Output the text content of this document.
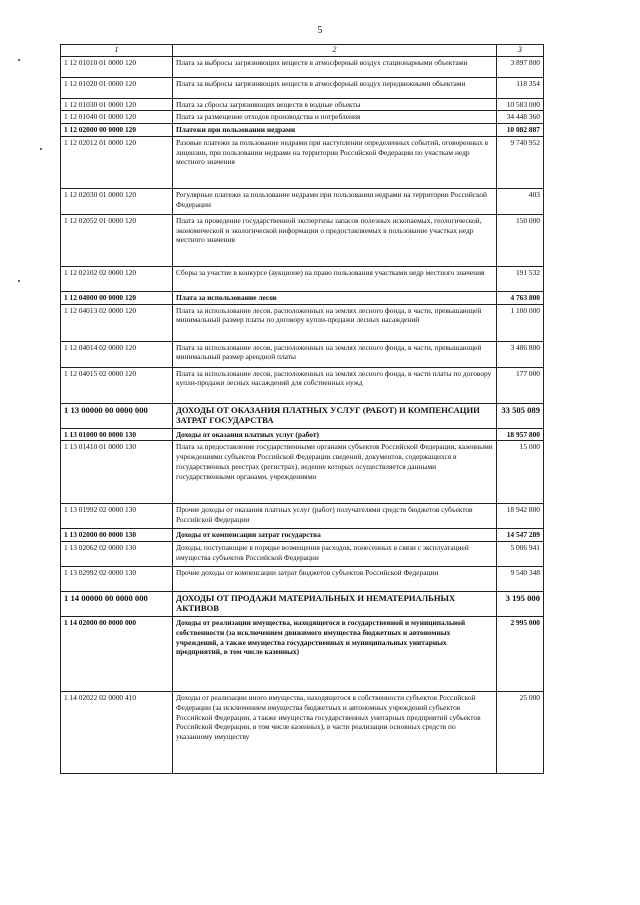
5
1	2	3
1 12 01010 01 0000 120	Плата за выбросы загрязняющих веществ в атмосферный воздух стационарными объектами	3 897 800
1 12 01020 01 0000 120	Плата за выбросы загрязняющих веществ в атмосферный воздух передвижными объектами	118 354
1 12 01030 01 0000 120	Плата за сбросы загрязняющих веществ в водные объекты	10 583 000
1 12 01040 01 0000 120	Плата за размещение отходов производства и потребления	34 448 360
1 12 02000 00 0000 120	Платежи при пользовании недрами	10 082 887
1 12 02012 01 0000 120	Разовые платежи за пользование недрами при наступлении определенных событий, оговоренных в лицензии, при пользовании недрами на территории Российской Федерации по участкам недр местного значения	9 740 952
1 12 02030 01 0000 120	Регулярные платежи за пользование недрами при пользовании недрами на территории Российской Федерации	403
1 12 02052 01 0000 120	Плата за проведение государственной экспертизы запасов полезных ископаемых, геологической, экономической и экологической информации о предоставляемых в пользование участках недр местного значения	150 000
1 12 02102 02 0000 120	Сборы за участие в конкурсе (аукционе) на право пользования участками недр местного значения	191 532
1 12 04000 00 0000 120	Плата за использование лесов	4 763 800
1 12 04013 02 0000 120	Плата за использование лесов, расположенных на землях лесного фонда, в части, превышающей минимальный размер платы по договору купли-продажи лесных насаждений	1 100 000
1 12 04014 02 0000 120	Плата за использование лесов, расположенных на землях лесного фонда, в части, превышающей минимальный размер арендной платы	3 486 800
1 12 04015 02 0000 120	Плата за использование лесов, расположенных на землях лесного фонда, в части платы по договору купли-продажи лесных насаждений для собственных нужд	177 000
1 13 00000 00 0000 000	ДОХОДЫ ОТ ОКАЗАНИЯ ПЛАТНЫХ УСЛУГ (РАБОТ) И КОМПЕНСАЦИИ ЗАТРАТ ГОСУДАРСТВА	33 505 089
1 13 01000 00 0000 130	Доходы от оказания платных услуг (работ)	18 957 800
1 13 01410 01 0000 130	Плата за предоставление государственными органами субъектов Российской Федерации, казенными учреждениями субъектов Российской Федерации сведений, документов, содержащихся в государственных реестрах (регистрах), ведение которых осуществляется данными государственными органами, учреждениями	15 000
1 13 01992 02 0000 130	Прочие доходы от оказания платных услуг (работ) получателями средств бюджетов субъектов Российской Федерации	18 942 800
1 13 02000 00 0000 130	Доходы от компенсации затрат государства	14 547 289
1 13 02062 02 0000 130	Доходы, поступающие в порядке возмещения расходов, понесенных в связи с эксплуатацией имущества субъектов Российской Федерации	5 006 941
1 13 02992 02 0000 130	Прочие доходы от компенсации затрат бюджетов субъектов Российской Федерации	9 540 348
1 14 00000 00 0000 000	ДОХОДЫ ОТ ПРОДАЖИ МАТЕРИАЛЬНЫХ И НЕМАТЕРИАЛЬНЫХ АКТИВОВ	3 195 000
1 14 02000 00 0000 000	Доходы от реализации имущества, находящегося в государственной и муниципальной собственности (за исключением движимого имущества бюджетных и автономных учреждений, а также имущества государственных и муниципальных унитарных предприятий, в том числе казенных)	2 995 000
1 14 02022 02 0000 410	Доходы от реализации иного имущества, находящегося в собственности субъектов Российской Федерации (за исключением имущества бюджетных и автономных учреждений субъектов Российской Федерации, а также имущества государственных унитарных предприятий субъектов Российской Федерации, в том числе казенных), в части реализации основных средств по указанному имуществу	25 000
